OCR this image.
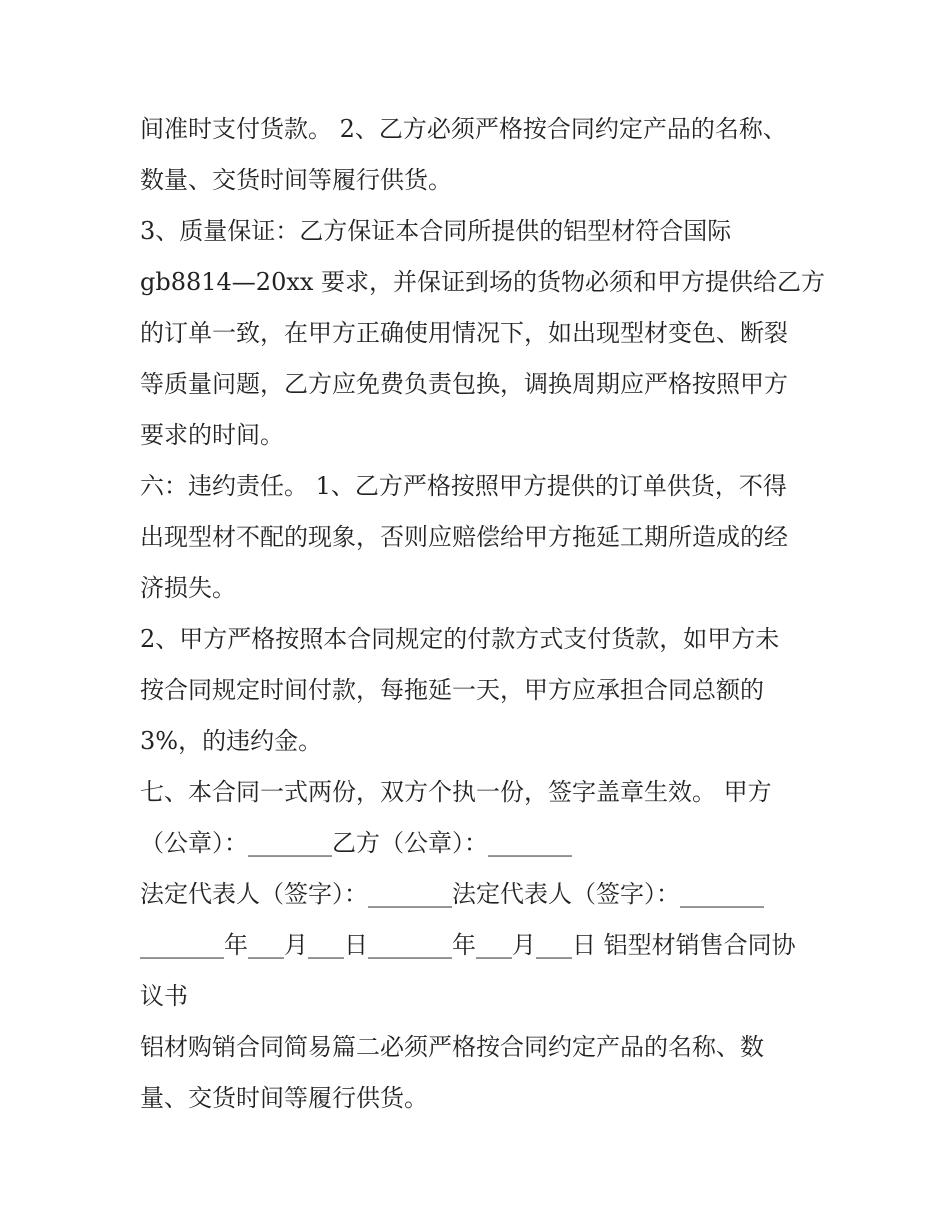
间准时支付货款。 2、乙方必须严格按合同约定产品的名称、
数量、交货时间等履行供货。
3、质量保证：乙方保证本合同所提供的铝型材符合国际
gb8814—20xx 要求，并保证到场的货物必须和甲方提供给乙方
的订单一致，在甲方正确使用情况下，如出现型材变色、断裂
等质量问题，乙方应免费负责包换，调换周期应严格按照甲方
要求的时间。
六：违约责任。 1、乙方严格按照甲方提供的订单供货，不得
出现型材不配的现象，否则应赔偿给甲方拖延工期所造成的经
济损失。
2、甲方严格按照本合同规定的付款方式支付货款，如甲方未
按合同规定时间付款，每拖延一天，甲方应承担合同总额的
3%，的违约金。
七、本合同一式两份，双方个执一份，签字盖章生效。 甲方
（公章）：_______乙方（公章）：_______
法定代表人（签字）：_______法定代表人（签字）：_______
_______年___月___日_______年___月___日 铝型材销售合同协
议书
铝材购销合同简易篇二必须严格按合同约定产品的名称、数
量、交货时间等履行供货。
